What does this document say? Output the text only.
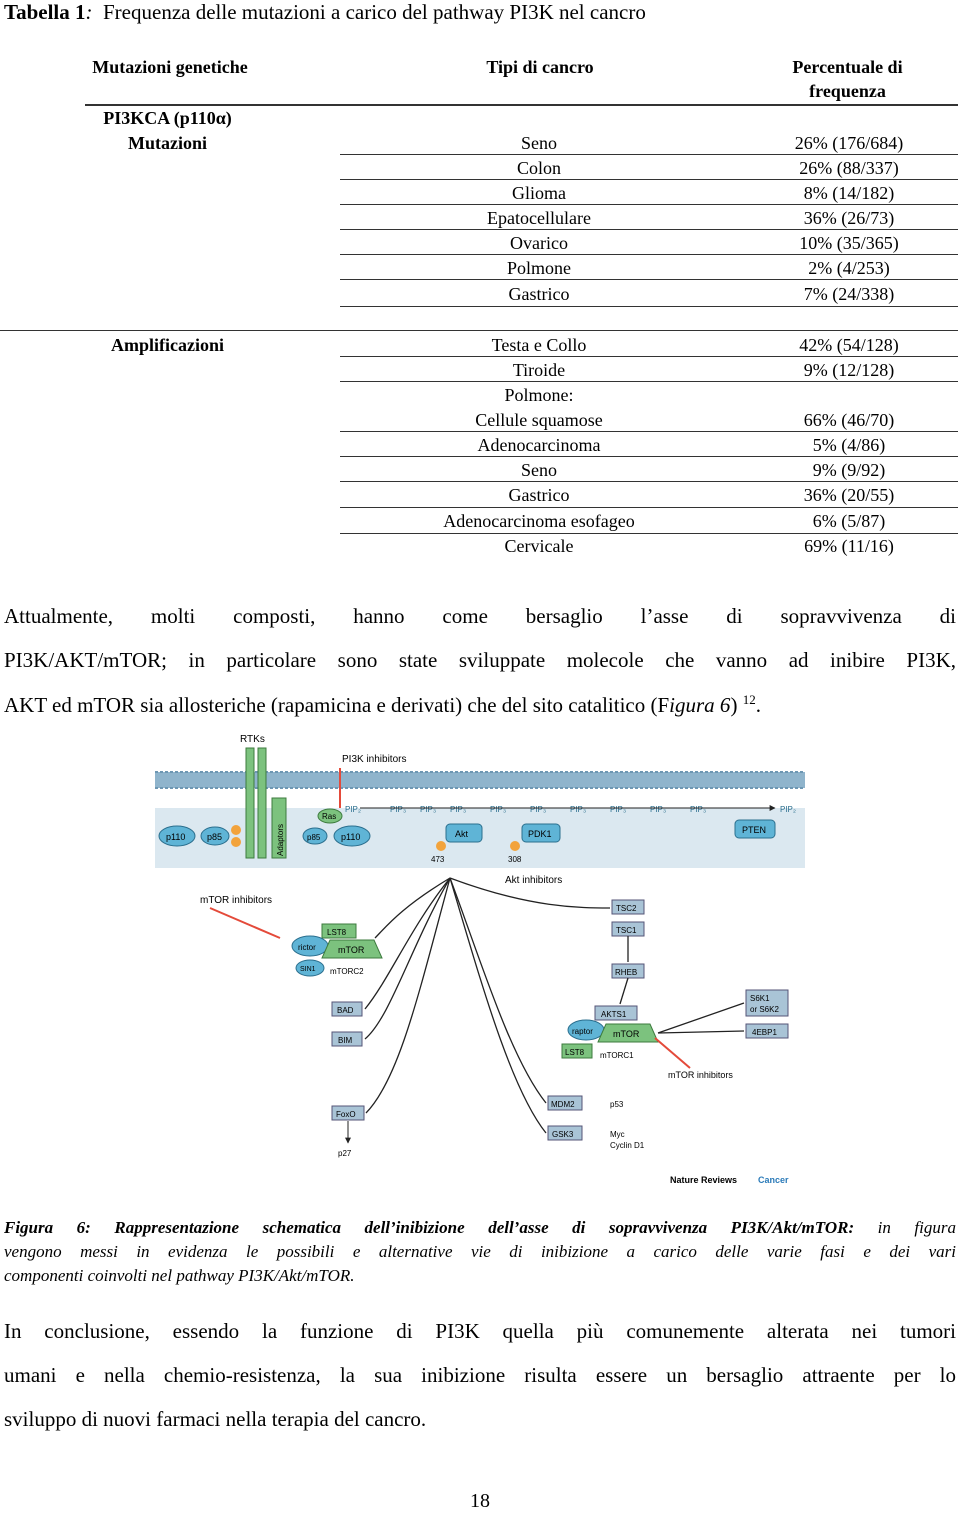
Tabella 1: Frequenza delle mutazioni a carico del pathway PI3K nel cancro
Mutazioni genetiche	Tipi di cancro	Percentuale di
frequenza
PI3KCA (p110α)
Mutazioni	Seno	26% (176/684)
Colon	26% (88/337)
Glioma	8% (14/182)
Epatocellulare	36% (26/73)
Ovarico	10% (35/365)
Polmone	2% (4/253)
Gastrico	7% (24/338)
Amplificazioni	Testa e Collo	42% (54/128)
Tiroide	9% (12/128)
Polmone:
Cellule squamose	66% (46/70)
Adenocarcinoma	5% (4/86)
Seno	9% (9/92)
Gastrico	36% (20/55)
Adenocarcinoma esofageo	6% (5/87)
Cervicale	69% (11/16)
Attualmente, molti composti, hanno come bersaglio l’asse di sopravvivenza di
PI3K/AKT/mTOR; in particolare sono state sviluppate molecole che vanno ad inibire PI3K,
AKT ed mTOR sia allosteriche (rapamicina e derivati) che del sito catalitico (Figura 6) $^{12}$.
RTKs
PI3K inhibitors
p110 p85	Adaptors
Ras
p85 p110
PIP₂	PIP₃ PIP₃ PIP₃	PIP₃	PIP₃	PIP₃	PIP₃	PIP₃	PIP₃	PIP₂
Akt
473
PDK1
308
PTEN
Akt inhibitors
mTOR inhibitors
LST8
rictor mTOR
SIN1 mTORC2
TSC2
TSC1
RHEB
AKTS1
raptor mTOR
LST8 mTORC1
S6K1
or S6K2
4EBP1
mTOR inhibitors
BAD
BIM
FoxO
p27
MDM2	p53
GSK3	Myc
Cyclin D1
Nature Reviews Cancer
Figura 6: Rappresentazione schematica dell’inibizione dell’asse di sopravvivenza PI3K/Akt/mTOR: in figura
vengono messi in evidenza le possibili e alternative vie di inibizione a carico delle varie fasi e dei vari
componenti coinvolti nel pathway PI3K/Akt/mTOR.
In conclusione, essendo la funzione di PI3K quella più comunemente alterata nei tumori
umani e nella chemio-resistenza, la sua inibizione risulta essere un bersaglio attraente per lo
sviluppo di nuovi farmaci nella terapia del cancro.
18
